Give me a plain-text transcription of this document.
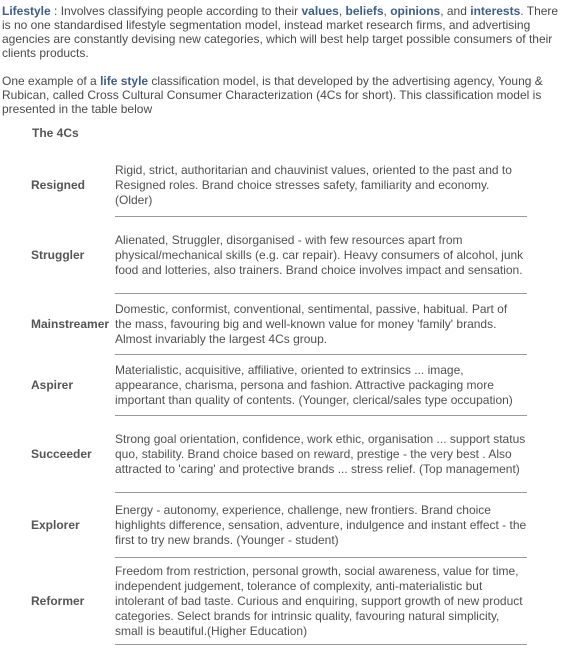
Lifestyle : Involves classifying people according to their values, beliefs, opinions, and interests. There is no one standardised lifestyle segmentation model, instead market research firms, and advertising agencies are constantly devising new categories, which will best help target possible consumers of their clients products.

One example of a life style classification model, is that developed by the advertising agency, Young & Rubican, called Cross Cultural Consumer Characterization (4Cs for short). This classification model is presented in the table below

The 4Cs
Resigned
Rigid, strict, authoritarian and chauvinist values, oriented to the past and to Resigned roles. Brand choice stresses safety, familiarity and economy. (Older)
Struggler
Alienated, Struggler, disorganised - with few resources apart from physical/mechanical skills (e.g. car repair). Heavy consumers of alcohol, junk food and lotteries, also trainers. Brand choice involves impact and sensation.
Mainstreamer
Domestic, conformist, conventional, sentimental, passive, habitual. Part of the mass, favouring big and well-known value for money 'family' brands. Almost invariably the largest 4Cs group.
Aspirer
Materialistic, acquisitive, affiliative, oriented to extrinsics ... image, appearance, charisma, persona and fashion. Attractive packaging more important than quality of contents. (Younger, clerical/sales type occupation)
Succeeder
Strong goal orientation, confidence, work ethic, organisation ... support status quo, stability. Brand choice based on reward, prestige - the very best . Also attracted to 'caring' and protective brands ... stress relief. (Top management)
Explorer
Energy - autonomy, experience, challenge, new frontiers. Brand choice highlights difference, sensation, adventure, indulgence and instant effect - the first to try new brands. (Younger - student)
Reformer
Freedom from restriction, personal growth, social awareness, value for time, independent judgement, tolerance of complexity, anti-materialistic but intolerant of bad taste. Curious and enquiring, support growth of new product categories. Select brands for intrinsic quality, favouring natural simplicity, small is beautiful.(Higher Education)
